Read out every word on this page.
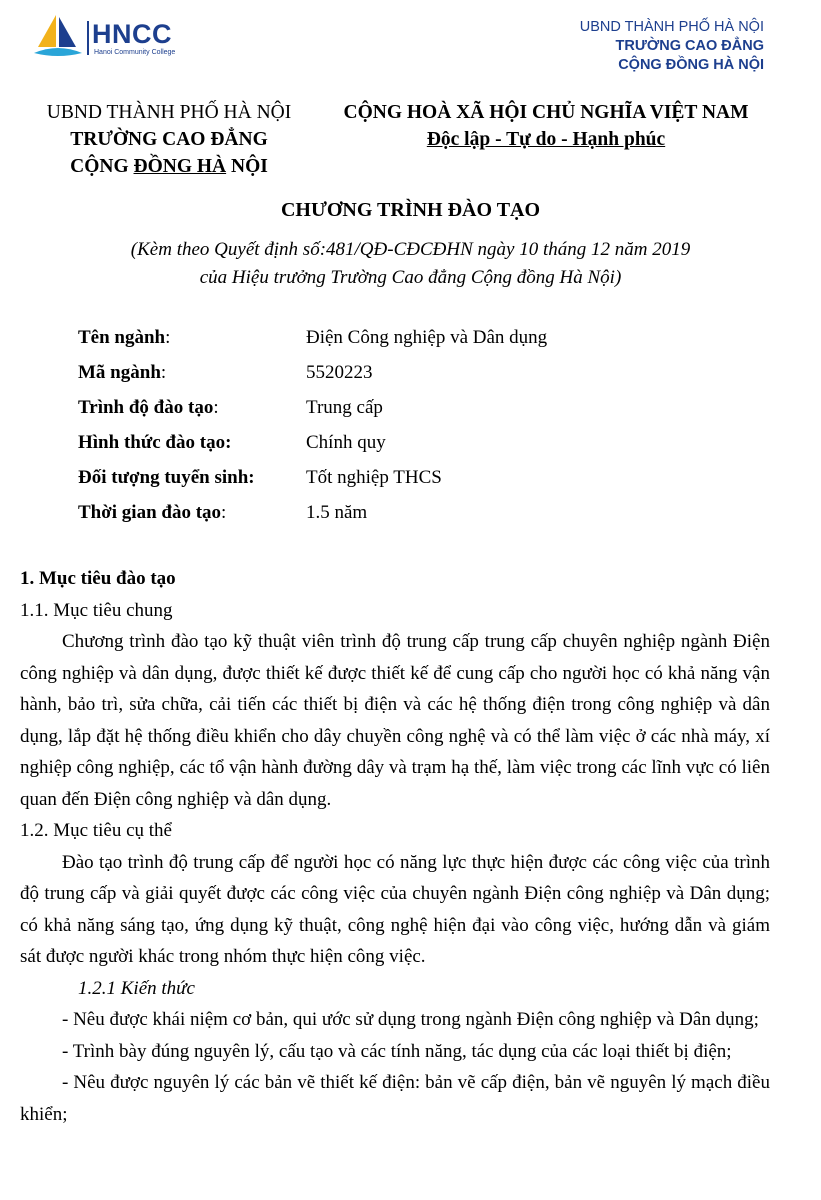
HNCC
Hanoi Community College
UBND THÀNH PHỐ HÀ NỘI
TRƯỜNG CAO ĐẲNG
CỘNG ĐỒNG HÀ NỘI
UBND THÀNH PHỐ HÀ NỘI
TRƯỜNG CAO ĐẲNG
CỘNG ĐỒNG HÀ NỘI
CỘNG HOÀ XÃ HỘI CHỦ NGHĨA VIỆT NAM
Độc lập - Tự do - Hạnh phúc
CHƯƠNG TRÌNH ĐÀO TẠO
(Kèm theo Quyết định số:481/QĐ-CĐCĐHN ngày 10 tháng 12 năm 2019
của Hiệu trưởng Trường Cao đẳng Cộng đồng Hà Nội)
Tên ngành:	Điện Công nghiệp và Dân dụng
Mã ngành:	5520223
Trình độ đào tạo:	Trung cấp
Hình thức đào tạo:	Chính quy
Đối tượng tuyển sinh:	Tốt nghiệp THCS
Thời gian đào tạo:	1.5 năm

1. Mục tiêu đào tạo

1.1. Mục tiêu chung

Chương trình đào tạo kỹ thuật viên trình độ trung cấp trung cấp chuyên nghiệp ngành Điện công nghiệp và dân dụng, được thiết kế được thiết kế để cung cấp cho người học có khả năng vận hành, bảo trì, sửa chữa, cải tiến các thiết bị điện và các hệ thống điện trong công nghiệp và dân dụng, lắp đặt hệ thống điều khiển cho dây chuyền công nghệ và có thể làm việc ở các nhà máy, xí nghiệp công nghiệp, các tổ vận hành đường dây và trạm hạ thế, làm việc trong các lĩnh vực có liên quan đến Điện công nghiệp và dân dụng.

1.2. Mục tiêu cụ thể

Đào tạo trình độ trung cấp để người học có năng lực thực hiện được các công việc của trình độ trung cấp và giải quyết được các công việc của chuyên ngành Điện công nghiệp và Dân dụng; có khả năng sáng tạo, ứng dụng kỹ thuật, công nghệ hiện đại vào công việc, hướng dẫn và giám sát được người khác trong nhóm thực hiện công việc.

1.2.1 Kiến thức

- Nêu được khái niệm cơ bản, qui ước sử dụng trong ngành Điện công nghiệp và Dân dụng;

- Trình bày đúng nguyên lý, cấu tạo và các tính năng, tác dụng của các loại thiết bị điện;

- Nêu được nguyên lý các bản vẽ thiết kế điện: bản vẽ cấp điện, bản vẽ nguyên lý mạch điều khiển;
